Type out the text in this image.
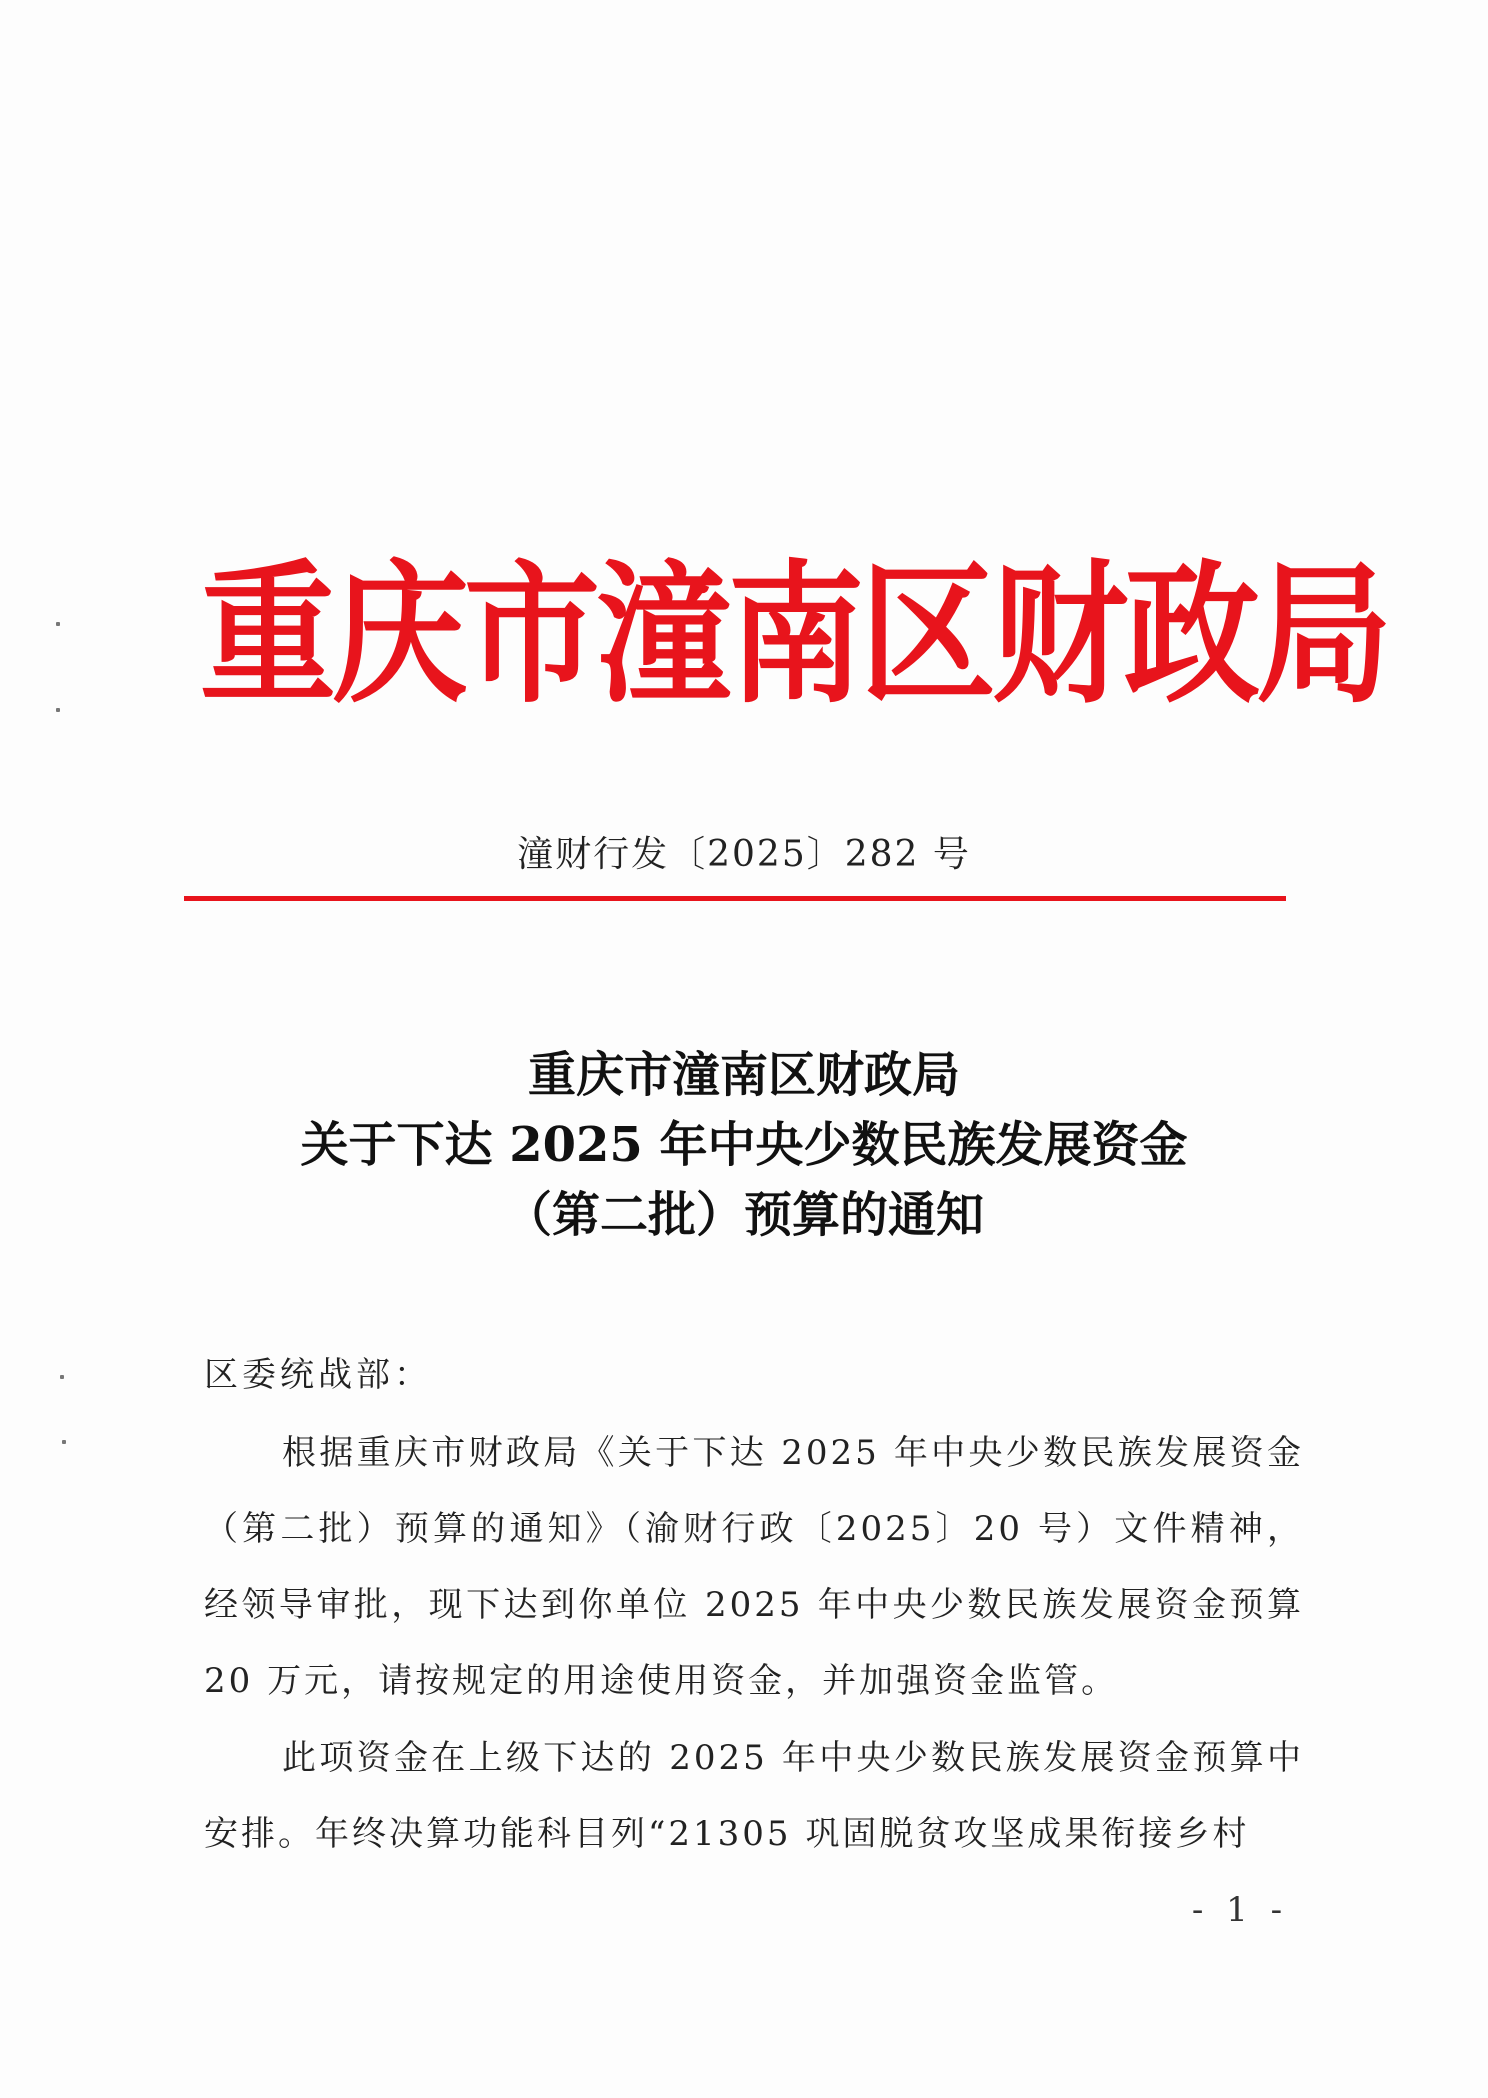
重庆市潼南区财政局
潼财行发〔2025〕282 号
重庆市潼南区财政局
关于下达 2025 年中央少数民族发展资金
（第二批）预算的通知
区委统战部：

根据重庆市财政局《关于下达 2025 年中央少数民族发展资金（第二批）预算的通知》（渝财行政〔2025〕20 号）文件精神，经领导审批，现下达到你单位 2025 年中央少数民族发展资金预算 20 万元，请按规定的用途使用资金，并加强资金监管。

此项资金在上级下达的 2025 年中央少数民族发展资金预算中安排。年终决算功能科目列“21305 巩固脱贫攻坚成果衔接乡村

- 1 -
